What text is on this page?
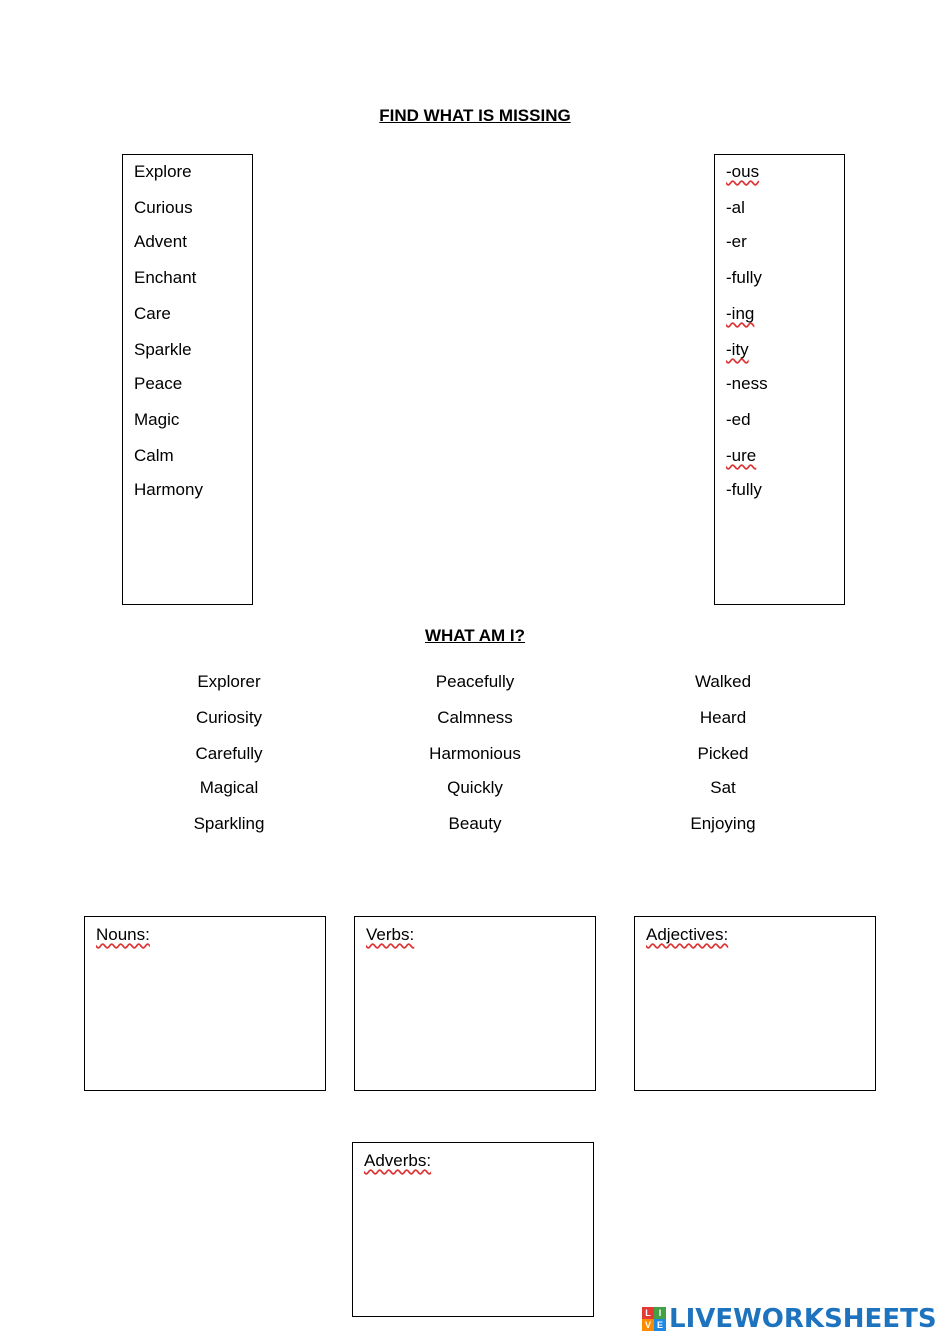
FIND WHAT IS MISSING
Explore
Curious
Advent
Enchant
Care
Sparkle
Peace
Magic
Calm
Harmony
-ous
-al
-er
-fully
-ing
-ity
-ness
-ed
-ure
-fully
WHAT AM I?
Explorer
Curiosity
Carefully
Magical
Sparkling
Peacefully
Calmness
Harmonious
Quickly
Beauty
Walked
Heard
Picked
Sat
Enjoying
Nouns:	Verbs:	Adjectives:
Adverbs:
L I
V E LIVEWORKSHEETS
